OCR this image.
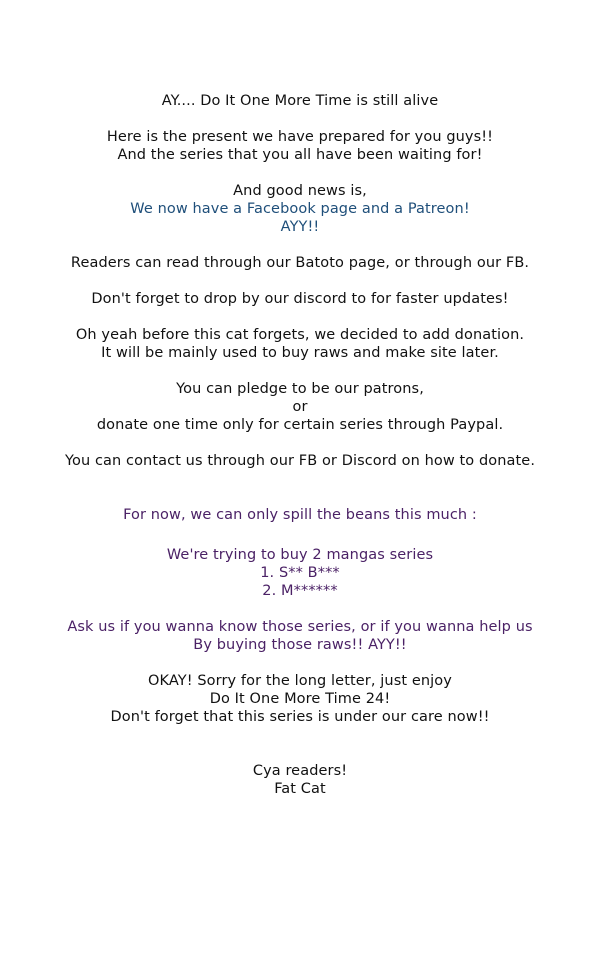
AY.... Do It One More Time is still alive
Here is the present we have prepared for you guys!!
And the series that you all have been waiting for!
And good news is,
We now have a Facebook page and a Patreon!
AYY!!
Readers can read through our Batoto page, or through our FB.
Don't forget to drop by our discord to for faster updates!
Oh yeah before this cat forgets, we decided to add donation.
It will be mainly used to buy raws and make site later.
You can pledge to be our patrons,
or
donate one time only for certain series through Paypal.
You can contact us through our FB or Discord on how to donate.
For now, we can only spill the beans this much :
We're trying to buy 2 mangas series
1. S** B***
2. M******
Ask us if you wanna know those series, or if you wanna help us
By buying those raws!! AYY!!
OKAY! Sorry for the long letter, just enjoy
Do It One More Time 24!
Don't forget that this series is under our care now!!
Cya readers!
Fat Cat
